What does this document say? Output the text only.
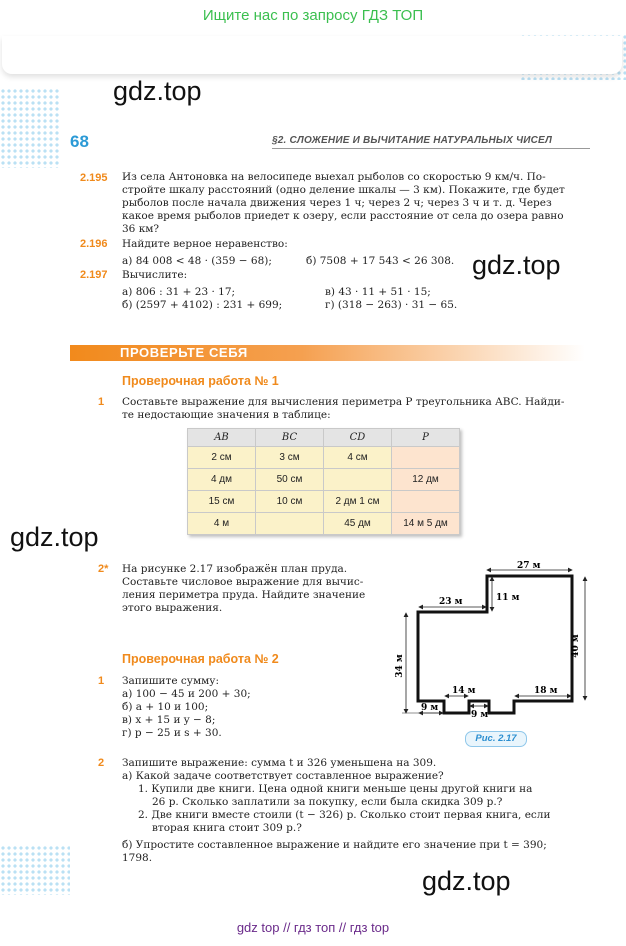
Ищите нас по запросу ГДЗ ТОП
gdz.top
gdz.top
gdz.top
gdz.top
68	§2. СЛОЖЕНИЕ И ВЫЧИТАНИЕ НАТУРАЛЬНЫХ ЧИСЕЛ
2.195 Из села Антоновка на велосипеде выехал рыболов со скоростью 9 км/ч. По-
стройте шкалу расстояний (одно деление шкалы — 3 км). Покажите, где будет
рыболов после начала движения через 1 ч; через 2 ч; через 3 ч и т. д. Через
какое время рыболов приедет к озеру, если расстояние от села до озера равно
36 км?
2.196 Найдите верное неравенство:
а) 84 008 < 48 · (359 − 68);	б) 7508 + 17 543 < 26 308.
2.197 Вычислите:
а) 806 : 31 + 23 · 17;
б) (2597 + 4102) : 231 + 699;
в) 43 · 11 + 51 · 15;
г) (318 − 263) · 31 − 65.
ПРОВЕРЬТЕ СЕБЯ
Проверочная работа № 1
1 Составьте выражение для вычисления периметра P треугольника ABC. Найди-
те недостающие значения в таблице:
AB	BC	CD	P
2 см	3 см	4 см	
4 дм	50 см		12 дм
15 см	10 см	2 дм 1 см	
4 м		45 дм	14 м 5 дм
2* На рисунке 2.17 изображён план пруда.
Составьте числовое выражение для вычис-
ления периметра пруда. Найдите значение
этого выражения.
27 м
23 м	11 м
40 м
34 м
14 м	18 м
9 м
9 м
Рис. 2.17
Проверочная работа № 2
1 Запишите сумму:
а) 100 − 45 и 200 + 30;
б) a + 10 и 100;
в) x + 15 и y − 8;
г) p − 25 и s + 30.
2 Запишите выражение: сумма t и 326 уменьшена на 309.
а) Какой задаче соответствует составленное выражение?
1. Купили две книги. Цена одной книги меньше цены другой книги на
26 р. Сколько заплатили за покупку, если была скидка 309 р.?
2. Две книги вместе стоили (t − 326) р. Сколько стоит первая книга, если
вторая книга стоит 309 р.?
б) Упростите составленное выражение и найдите его значение при t = 390;
1798.
gdz top // гдз топ // гдз top
